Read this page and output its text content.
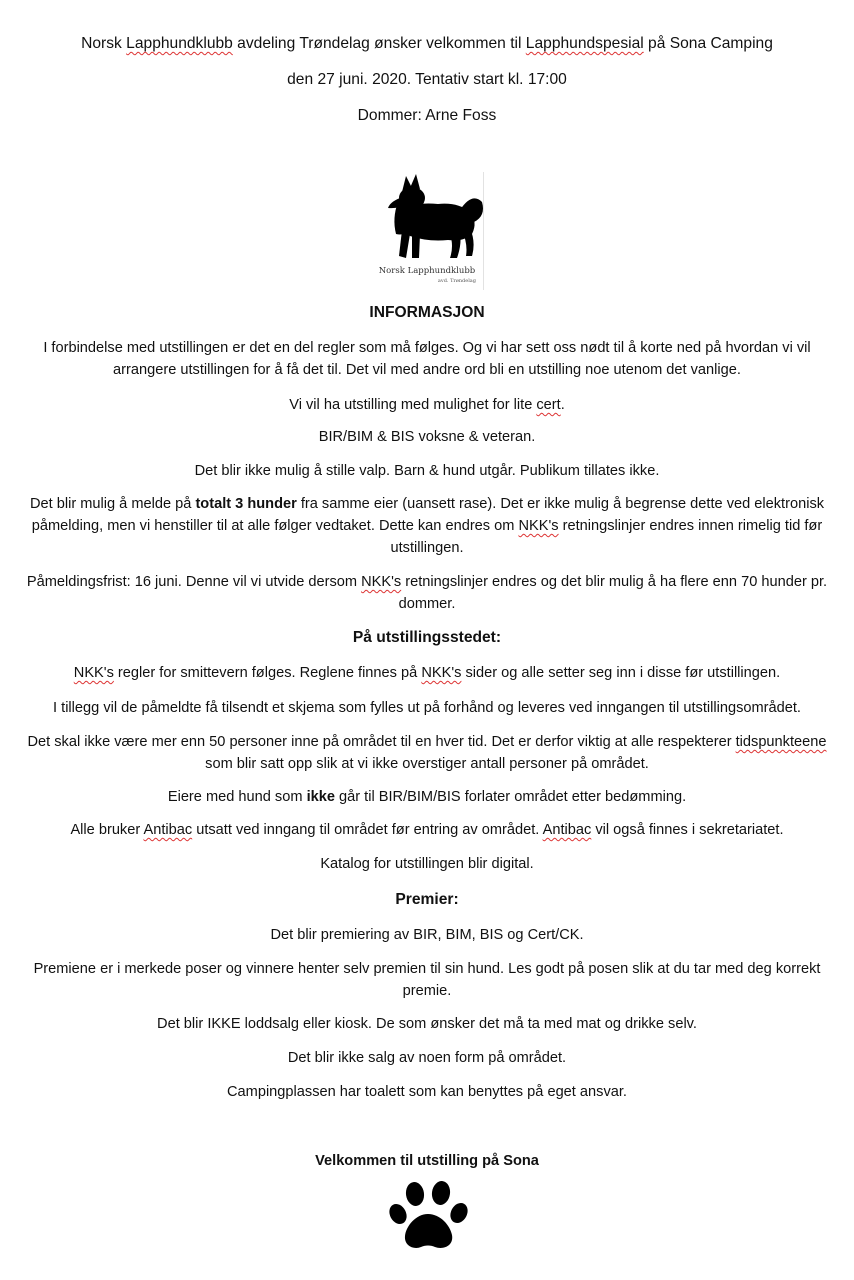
Norsk Lapphundklubb avdeling Trøndelag ønsker velkommen til Lapphundspesial på Sona Camping

den 27 juni. 2020. Tentativ start kl. 17:00

Dommer: Arne Foss

Norsk Lapphundklubb

avd. Trøndelag

INFORMASJON

I forbindelse med utstillingen er det en del regler som må følges. Og vi har sett oss nødt til å korte ned på hvordan vi vil arrangere utstillingen for å få det til. Det vil med andre ord bli en utstilling noe utenom det vanlige.

Vi vil ha utstilling med mulighet for lite cert.

BIR/BIM & BIS voksne & veteran.

Det blir ikke mulig å stille valp. Barn & hund utgår. Publikum tillates ikke.

Det blir mulig å melde på totalt 3 hunder fra samme eier (uansett rase). Det er ikke mulig å begrense dette ved elektronisk påmelding, men vi henstiller til at alle følger vedtaket. Dette kan endres om NKK's retningslinjer endres innen rimelig tid før utstillingen.

Påmeldingsfrist: 16 juni. Denne vil vi utvide dersom NKK's retningslinjer endres og det blir mulig å ha flere enn 70 hunder pr. dommer.

På utstillingsstedet:

NKK's regler for smittevern følges. Reglene finnes på NKK's sider og alle setter seg inn i disse før utstillingen.

I tillegg vil de påmeldte få tilsendt et skjema som fylles ut på forhånd og leveres ved inngangen til utstillingsområdet.

Det skal ikke være mer enn 50 personer inne på området til en hver tid. Det er derfor viktig at alle respekterer tidspunkteene som blir satt opp slik at vi ikke overstiger antall personer på området.

Eiere med hund som ikke går til BIR/BIM/BIS forlater området etter bedømming.

Alle bruker Antibac utsatt ved inngang til området før entring av området. Antibac vil også finnes i sekretariatet.

Katalog for utstillingen blir digital.

Premier:

Det blir premiering av BIR, BIM, BIS og Cert/CK.

Premiene er i merkede poser og vinnere henter selv premien til sin hund. Les godt på posen slik at du tar med deg korrekt premie.

Det blir IKKE loddsalg eller kiosk. De som ønsker det må ta med mat og drikke selv.

Det blir ikke salg av noen form på området.

Campingplassen har toalett som kan benyttes på eget ansvar.

Velkommen til utstilling på Sona
